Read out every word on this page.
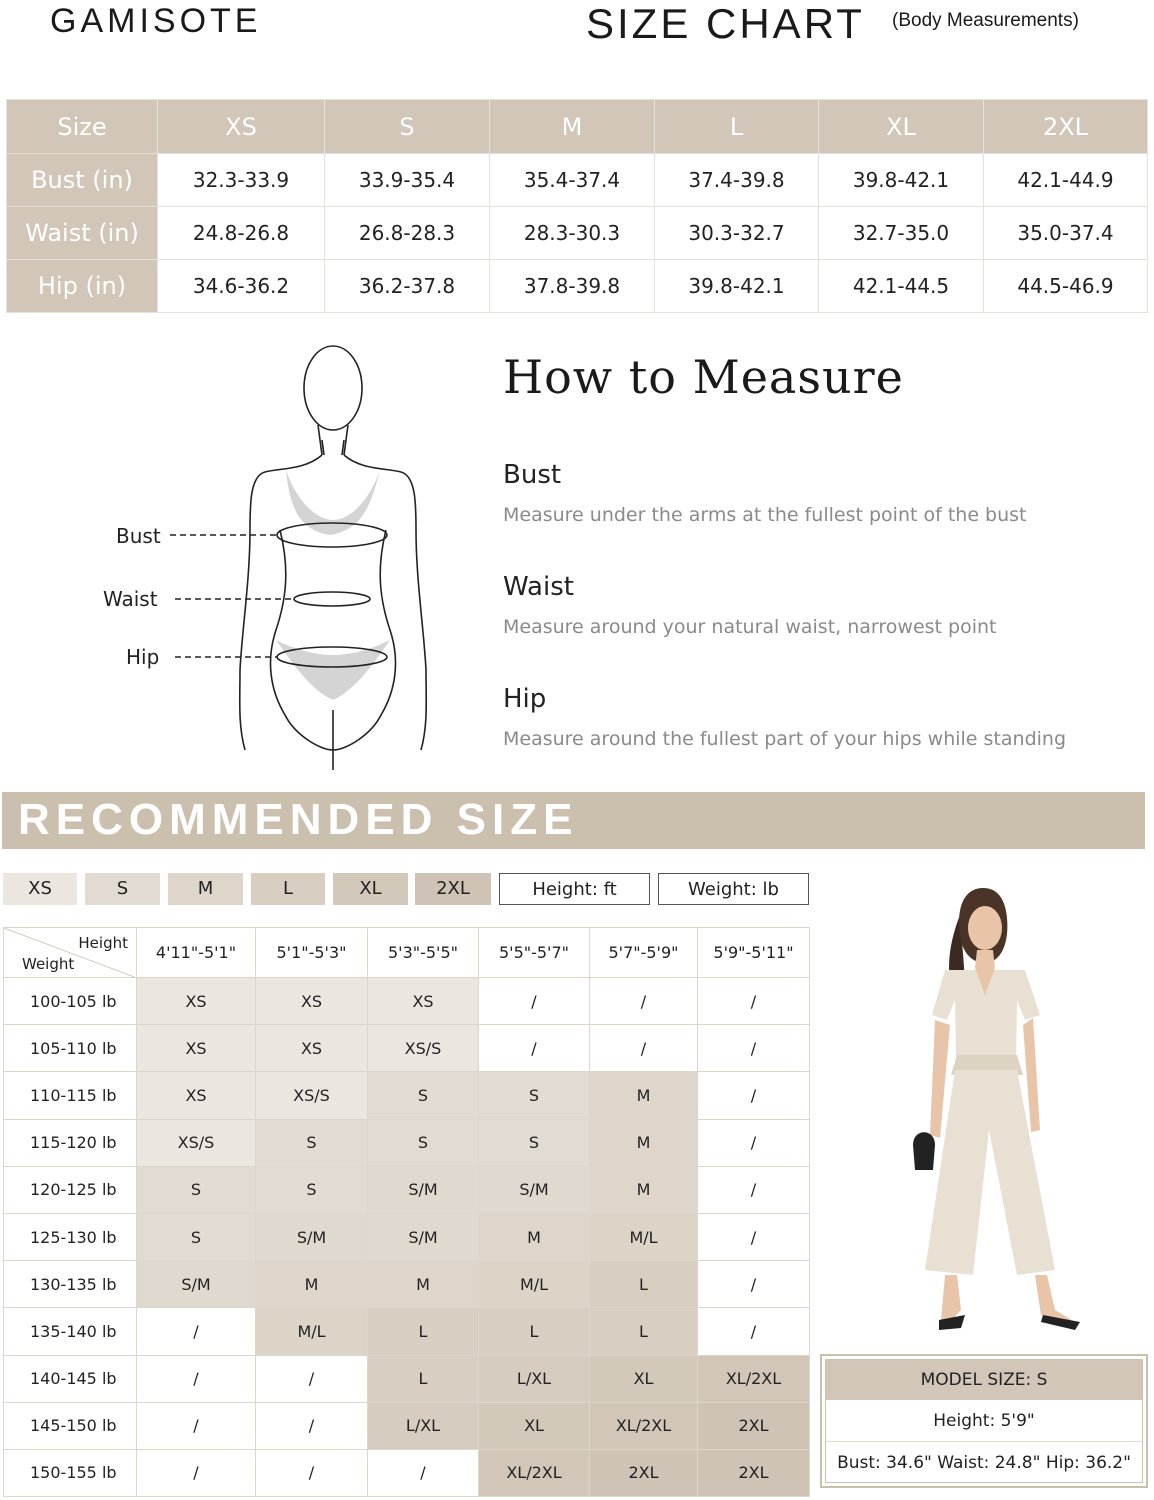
GAMISOTE	SIZE CHART (Body Measurements)
Size	XS	S	M	L	XL	2XL
Bust (in)	32.3-33.9	33.9-35.4	35.4-37.4	37.4-39.8	39.8-42.1	42.1-44.9
Waist (in)	24.8-26.8	26.8-28.3	28.3-30.3	30.3-32.7	32.7-35.0	35.0-37.4
Hip (in)	34.6-36.2	36.2-37.8	37.8-39.8	39.8-42.1	42.1-44.5	44.5-46.9
Bust
Waist
Hip
How to Measure
Bust
Measure under the arms at the fullest point of the bust
Waist
Measure around your natural waist, narrowest point
Hip
Measure around the fullest part of your hips while standing
RECOMMENDED SIZE
XS	S	M	L	XL	2XL	Height: ft	Weight: lb
Height
Weight	4'11"-5'1"	5'1"-5'3"	5'3"-5'5"	5'5"-5'7"	5'7"-5'9"	5'9"-5'11"
100-105 lb	XS	XS	XS	/	/	/
105-110 lb	XS	XS	XS/S	/	/	/
110-115 lb	XS	XS/S	S	S	M	/
115-120 lb	XS/S	S	S	S	M	/
120-125 lb	S	S	S/M	S/M	M	/
125-130 lb	S	S/M	S/M	M	M/L	/
130-135 lb	S/M	M	M	M/L	L	/
135-140 lb	/	M/L	L	L	L	/
140-145 lb	/	/	L	L/XL	XL	XL/2XL
145-150 lb	/	/	L/XL	XL	XL/2XL	2XL
150-155 lb	/	/	/	XL/2XL	2XL	2XL
MODEL SIZE: S
Height: 5'9"
Bust: 34.6" Waist: 24.8" Hip: 36.2"
